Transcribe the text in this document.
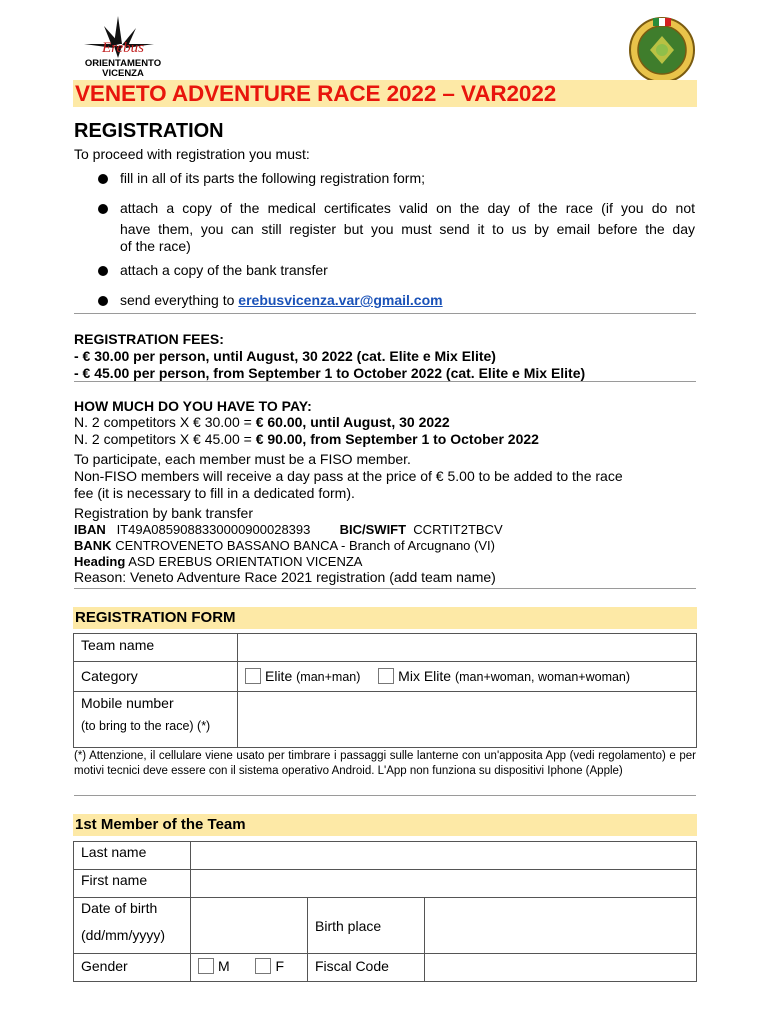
Erebus
ORIENTAMENTO
VICENZA
VENETO ADVENTURE RACE 2022 – VAR2022
REGISTRATION
To proceed with registration you must:
fill in all of its parts the following registration form;
attach a copy of the medical certificates valid on the day of the race (if you do not
have them, you can still register but you must send it to us by email before the day
of the race)
attach a copy of the bank transfer
send everything to erebusvicenza.var@gmail.com
REGISTRATION FEES:
- € 30.00 per person, until August, 30 2022 (cat. Elite e Mix Elite)
- € 45.00 per person, from September 1 to October 2022 (cat. Elite e Mix Elite)
HOW MUCH DO YOU HAVE TO PAY:
N. 2 competitors X € 30.00 = € 60.00, until August, 30 2022
N. 2 competitors X € 45.00 = € 90.00, from September 1 to October 2022
To participate, each member must be a FISO member.
Non-FISO members will receive a day pass at the price of € 5.00 to be added to the race
fee (it is necessary to fill in a dedicated form).
Registration by bank transfer
IBAN IT49A0859088330000900028393 BIC/SWIFT CCRTIT2TBCV
BANK CENTROVENETO BASSANO BANCA - Branch of Arcugnano (VI)
Heading ASD EREBUS ORIENTATION VICENZA
Reason: Veneto Adventure Race 2021 registration (add team name)
REGISTRATION FORM
Team name	
Category	Elite (man+man) Mix Elite (man+woman, woman+woman)

Mobile number
(to bring to the race) (*)	

(*) Attenzione, il cellulare viene usato per timbrare i passaggi sulle lanterne con un'apposita App (vedi regolamento) e per motivi tecnici deve essere con il sistema operativo Android. L'App non funziona su dispositivi Iphone (Apple)
1st Member of the Team
Last name			
First name			

Date of birth
(dd/mm/yyyy)		Birth place	
Gender	M F	Fiscal Code	
